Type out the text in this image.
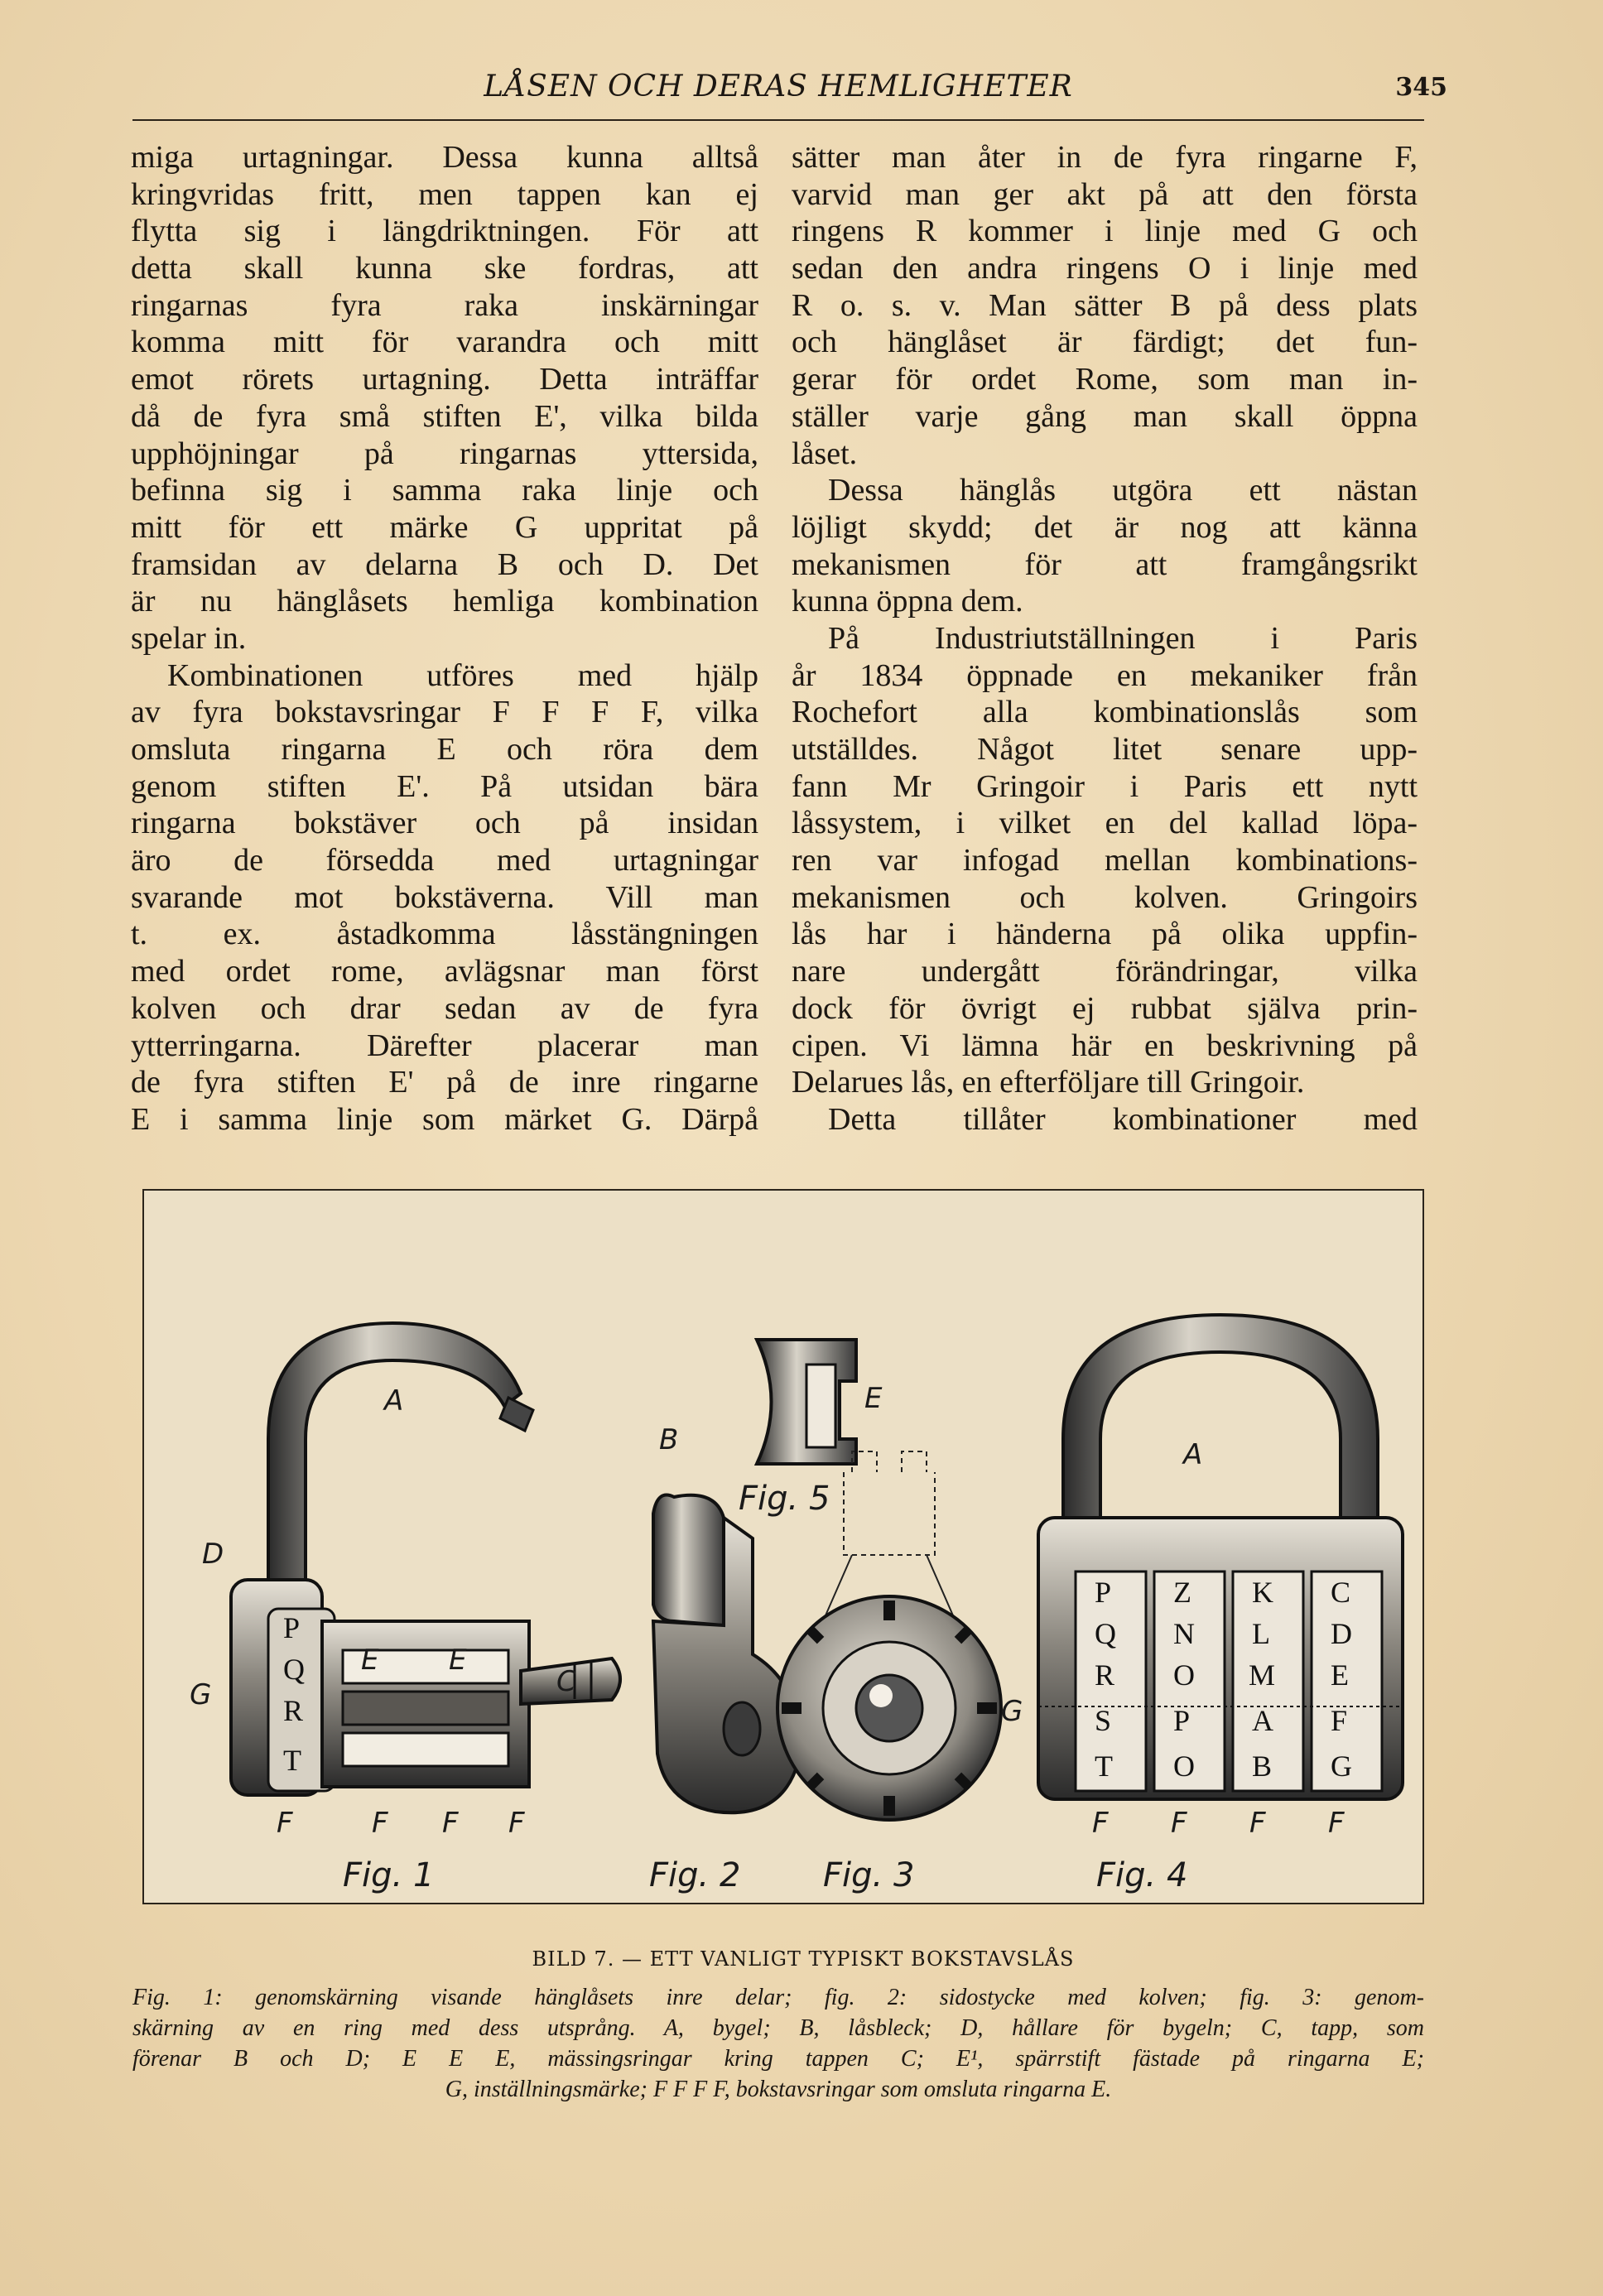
LÅSEN OCH DERAS HEMLIGHETER	345
miga urtagningar. Dessa kunna alltså
kringvridas fritt, men tappen kan ej
flytta sig i längdriktningen. För att
detta skall kunna ske fordras, att
ringarnas fyra raka inskärningar
komma mitt för varandra och mitt
emot rörets urtagning. Detta inträffar
då de fyra små stiften E', vilka bilda
upphöjningar på ringarnas yttersida,
befinna sig i samma raka linje och
mitt för ett märke G uppritat på
framsidan av delarna B och D. Det
är nu hänglåsets hemliga kombination
spelar in.
Kombinationen utföres med hjälp
av fyra bokstavsringar F F F F, vilka
omsluta ringarna E och röra dem
genom stiften E'. På utsidan bära
ringarna bokstäver och på insidan
äro de försedda med urtagningar
svarande mot bokstäverna. Vill man
t. ex. åstadkomma låsstängningen
med ordet rome, avlägsnar man först
kolven och drar sedan av de fyra
ytterringarna. Därefter placerar man
de fyra stiften E' på de inre ringarne
E i samma linje som märket G. Därpå
sätter man åter in de fyra ringarne F,
varvid man ger akt på att den första
ringens R kommer i linje med G och
sedan den andra ringens O i linje med
R o. s. v. Man sätter B på dess plats
och hänglåset är färdigt; det fun-
gerar för ordet Rome, som man in-
ställer varje gång man skall öppna
låset.
Dessa hänglås utgöra ett nästan
löjligt skydd; det är nog att känna
mekanismen för att framgångsrikt
kunna öppna dem.
På Industriutställningen i Paris
år 1834 öppnade en mekaniker från
Rochefort alla kombinationslås som
utställdes. Något litet senare upp-
fann Mr Gringoir i Paris ett nytt
låssystem, i vilket en del kallad löpa-
ren var infogad mellan kombinations-
mekanismen och kolven. Gringoirs
lås har i händerna på olika uppfin-
nare undergått förändringar, vilka
dock för övrigt ej rubbat själva prin-
cipen. Vi lämna här en beskrivning på
Delarues lås, en efterföljare till Gringoir.
Detta tillåter kombinationer med
P
Q
R
T
A
D
G
E E
C
F	F F F
Fig. 1
B
Fig. 2
E
Fig. 5
Fig. 3
P
Q
R
S
T
Z
N
O
P
O
K
L
M
A
B
C
D
E
F
G
A
G
F F F F
Fig. 4
BILD 7. — ETT VANLIGT TYPISKT BOKSTAVSLÅS
Fig. 1: genomskärning visande hänglåsets inre delar; fig. 2: sidostycke med kolven; fig. 3: genom-
skärning av en ring med dess utsprång. A, bygel; B, låsbleck; D, hållare för bygeln; C, tapp, som
förenar B och D; E E E, mässingsringar kring tappen C; E¹, spärrstift fästade på ringarna E;
G, inställningsmärke; F F F F, bokstavsringar som omsluta ringarna E.
